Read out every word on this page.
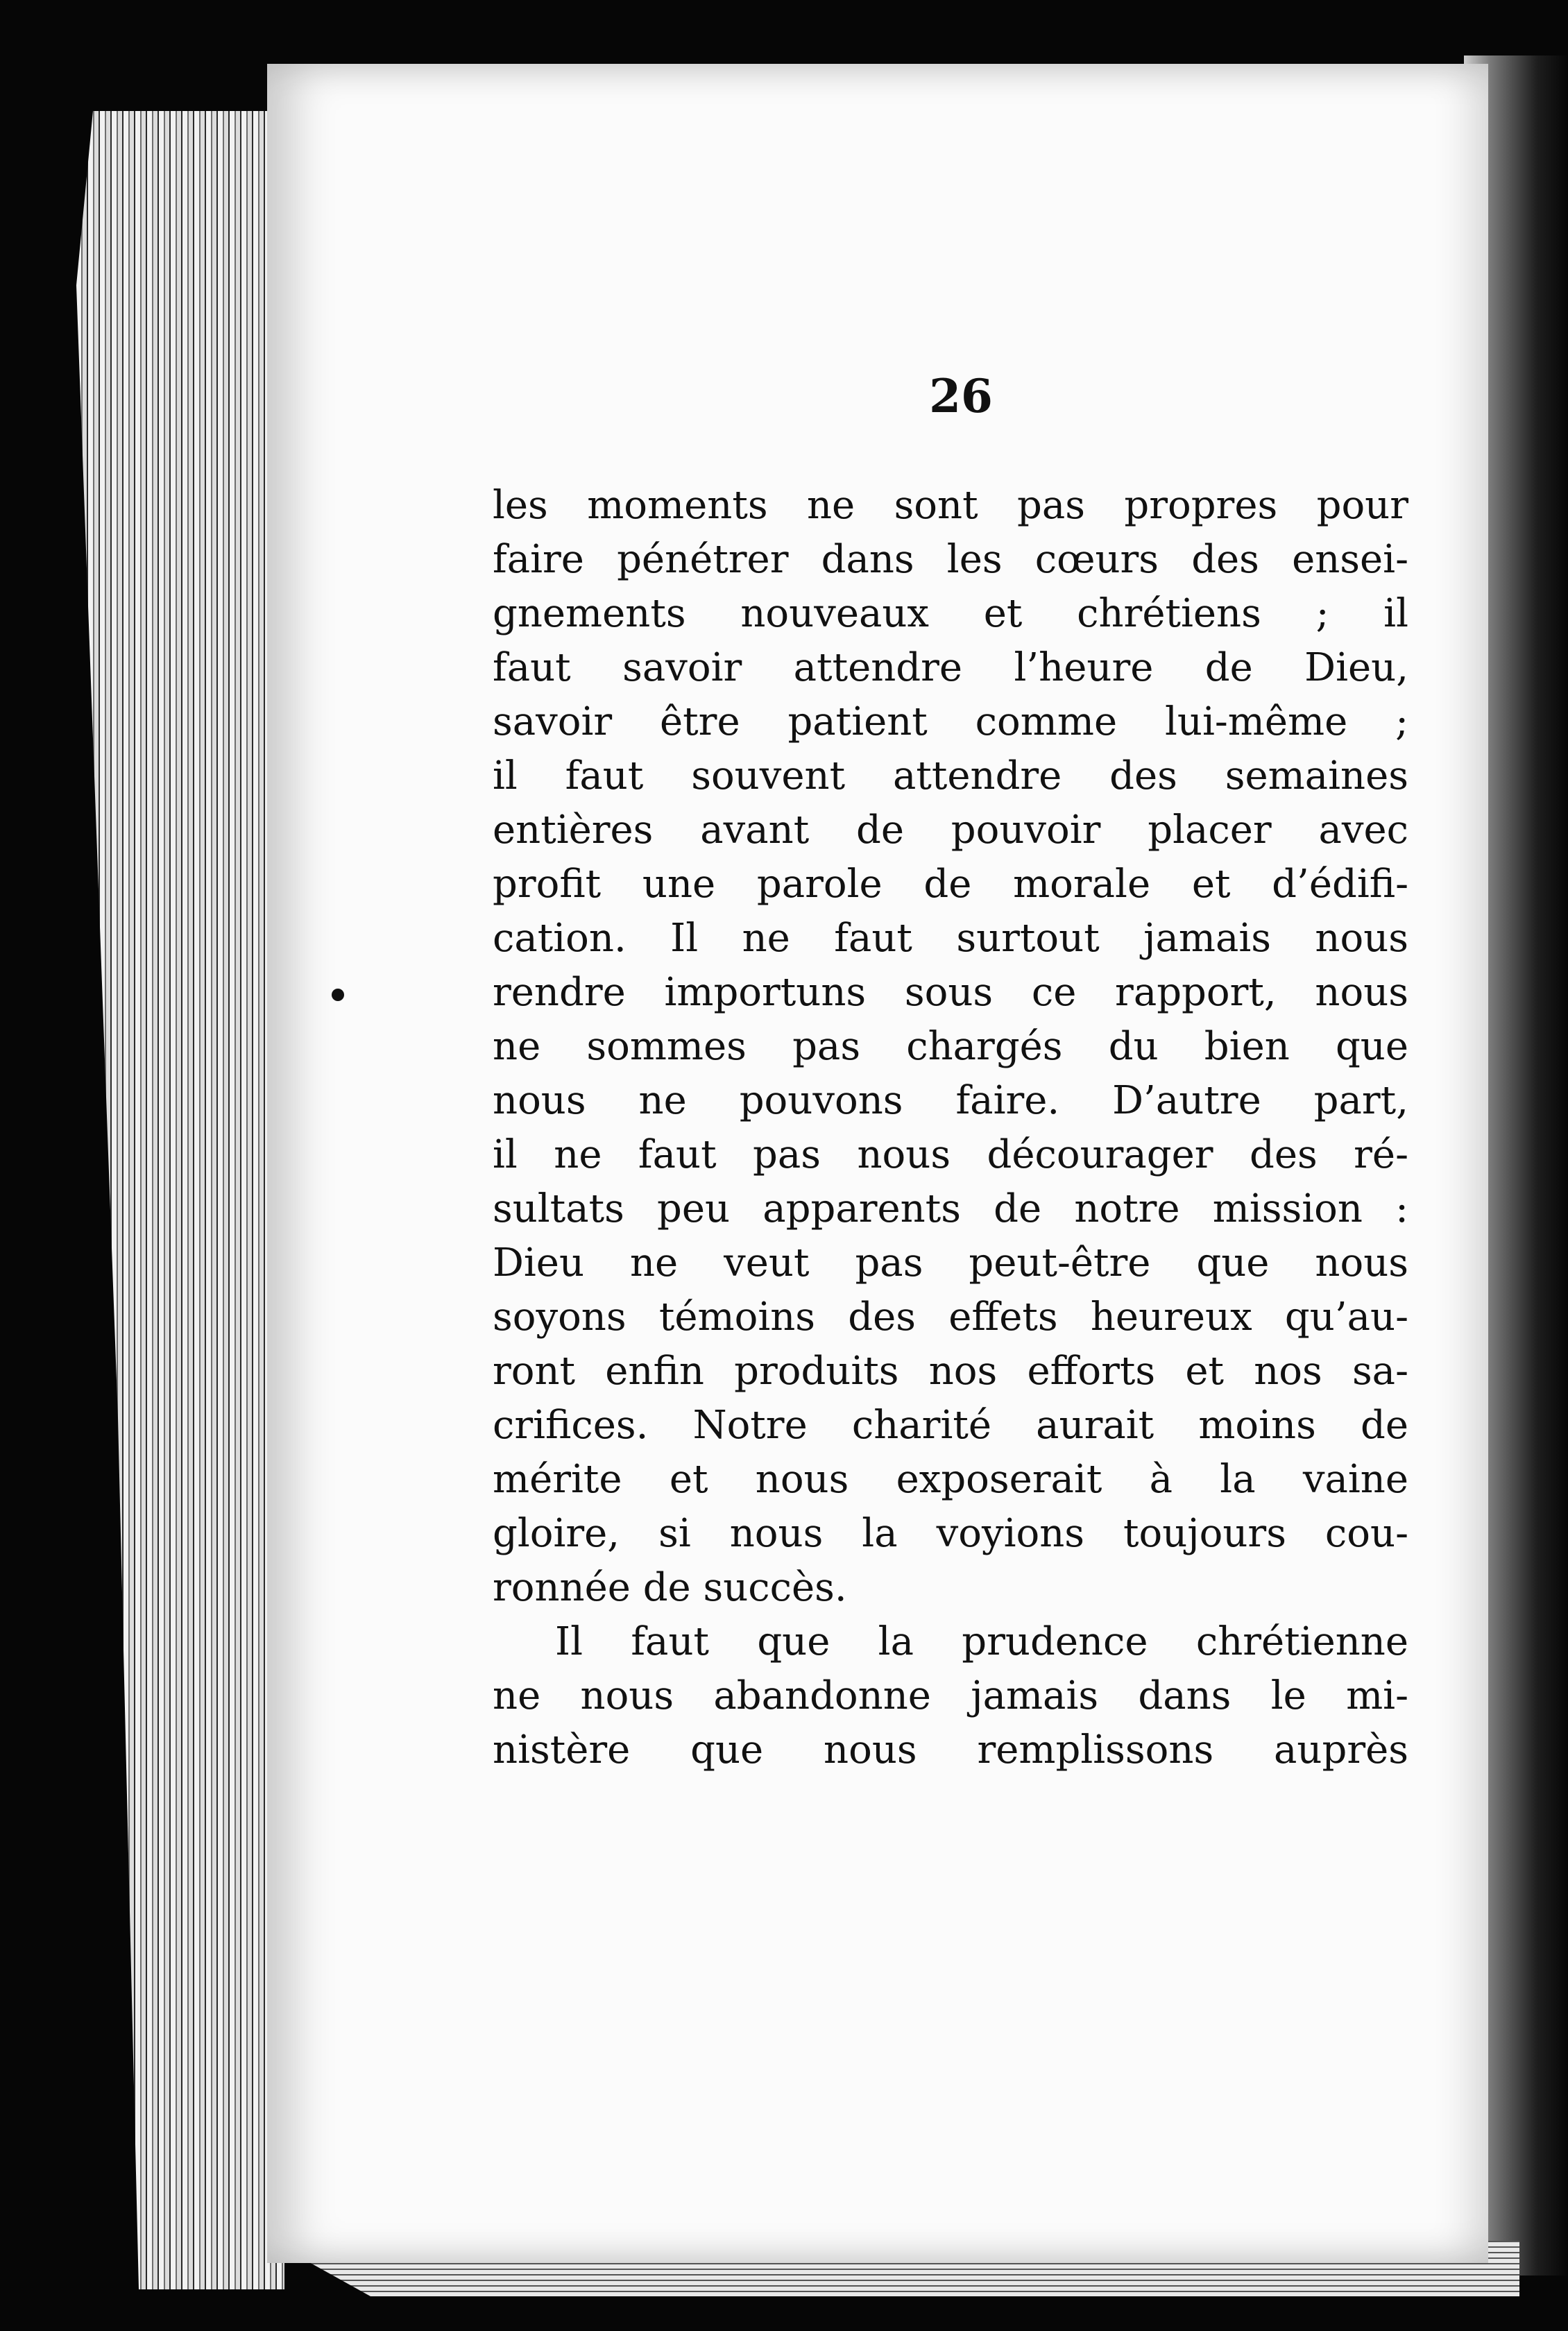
26
les moments ne sont pas propres pour
faire pénétrer dans les cœurs des ensei-
gnements nouveaux et chrétiens ; il
faut savoir attendre l’heure de Dieu,
savoir être patient comme lui-même ;
il faut souvent attendre des semaines
entières avant de pouvoir placer avec
profit une parole de morale et d’édifi-
cation. Il ne faut surtout jamais nous
rendre importuns sous ce rapport, nous
ne sommes pas chargés du bien que
nous ne pouvons faire. D’autre part,
il ne faut pas nous décourager des ré-
sultats peu apparents de notre mission :
Dieu ne veut pas peut-être que nous
soyons témoins des effets heureux qu’au-
ront enfin produits nos efforts et nos sa-
crifices. Notre charité aurait moins de
mérite et nous exposerait à la vaine
gloire, si nous la voyions toujours cou-
ronnée de succès.
Il faut que la prudence chrétienne
ne nous abandonne jamais dans le mi-
nistère que nous remplissons auprès
